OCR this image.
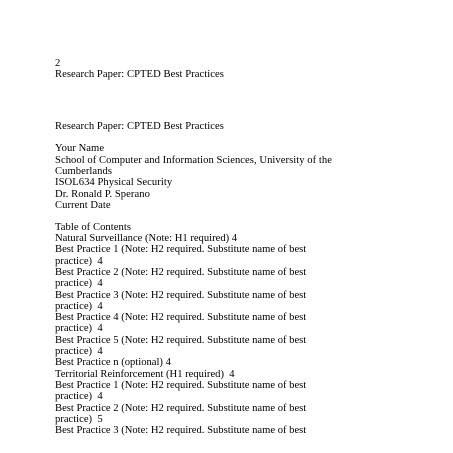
2
Research Paper: CPTED Best Practices
Research Paper: CPTED Best Practices
Your Name
School of Computer and Information Sciences, University of the
Cumberlands
ISOL634 Physical Security
Dr. Ronald P. Sperano
Current Date
Table of Contents
Natural Surveillance (Note: H1 required) 4
Best Practice 1 (Note: H2 required. Substitute name of best
practice)  4
Best Practice 2 (Note: H2 required. Substitute name of best
practice)  4
Best Practice 3 (Note: H2 required. Substitute name of best
practice)  4
Best Practice 4 (Note: H2 required. Substitute name of best
practice)  4
Best Practice 5 (Note: H2 required. Substitute name of best
practice)  4
Best Practice n (optional) 4
Territorial Reinforcement (H1 required)  4
Best Practice 1 (Note: H2 required. Substitute name of best
practice)  4
Best Practice 2 (Note: H2 required. Substitute name of best
practice)  5
Best Practice 3 (Note: H2 required. Substitute name of best
